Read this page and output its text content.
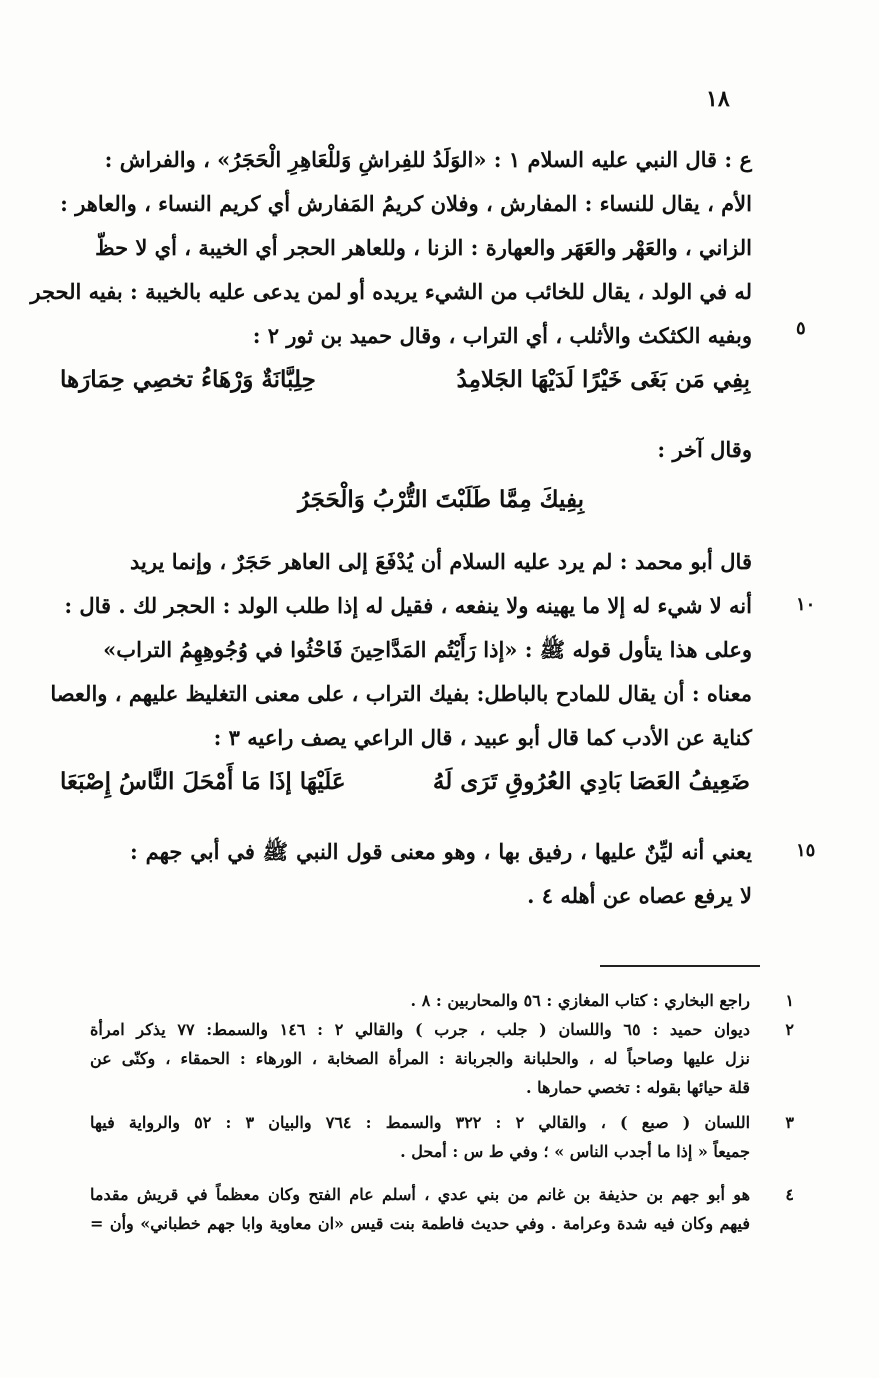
١٨
ع : قال النبي عليه السلام ١ : «الوَلَدُ للفِراشِ وَللْعَاهِرِ الْحَجَرُ» ، والفراش :
الأم ، يقال للنساء : المفارش ، وفلان كريمُ المَفارش أي كريم النساء ، والعاهر :
الزاني ، والعَهْر والعَهَر والعهارة : الزنا ، وللعاهر الحجر أي الخيبة ، أي لا حظّ
له في الولد ، يقال للخائب من الشيء يريده أو لمن يدعى عليه بالخيبة : بفيه الحجر
وبفيه الكثكث والأثلب ، أي التراب ، وقال حميد بن ثور ٢ : ٥
بِفِي مَن بَغَى خَيْرًا لَدَيْهَا الجَلامِدُ
حِلِبَّانَةٌ وَرْهَاءُ تخصِي حِمَارَها
وقال آخر :
بِفِيكَ مِمَّا طَلَبْتَ التُّرْبُ وَالْحَجَرُ
قال أبو محمد : لم يرد عليه السلام أن يُدْفَعَ إلى العاهر حَجَرٌ ، وإنما يريد
أنه لا شيء له إلا ما يهينه ولا ينفعه ، فقيل له إذا طلب الولد : الحجر لك . قال :
وعلى هذا يتأول قوله ﷺ : «إذا رَأَيْتُم المَدَّاحِينَ فَاحْثُوا في وُجُوهِهِمُ التراب»
معناه : أن يقال للمادح بالباطل: بفيك التراب ، على معنى التغليظ عليهم ، والعصا
كناية عن الأدب كما قال أبو عبيد ، قال الراعي يصف راعيه ٣ :
١٠
ضَعِيفُ العَصَا بَادِي العُرُوقِ تَرَى لَهُ
عَلَيْهَا إذَا مَا أَمْحَلَ النَّاسُ إِصْبَعَا
يعني أنه ليِّنٌ عليها ، رفيق بها ، وهو معنى قول النبي ﷺ في أبي جهم :
لا يرفع عصاه عن أهله ٤ .
١٥
١
راجع البخاري : كتاب المغازي : ٥٦ والمحاربين : ٨ .
٢
ديوان حميد : ٦٥ واللسان ( جلب ، جرب ) والقالي ٢ : ١٤٦ والسمط: ٧٧ يذكر امرأة
نزل عليها وصاحباً له ، والحلبانة والجربانة : المرأة الصخابة ، الورهاء : الحمقاء ، وكنّى عن
قلة حيائها بقوله : تخصي حمارها .
٣
اللسان ( صبع ) ، والقالي ٢ : ٣٢٢ والسمط : ٧٦٤ والبيان ٣ : ٥٢ والرواية فيها
جميعاً « إذا ما أجدب الناس » ؛ وفي ط س : أمحل .
٤
هو أبو جهم بن حذيفة بن غانم من بني عدي ، أسلم عام الفتح وكان معظماً في قريش مقدما
فيهم وكان فيه شدة وعرامة . وفي حديث فاطمة بنت قيس «ان معاوية وابا جهم خطباني» وأن =
